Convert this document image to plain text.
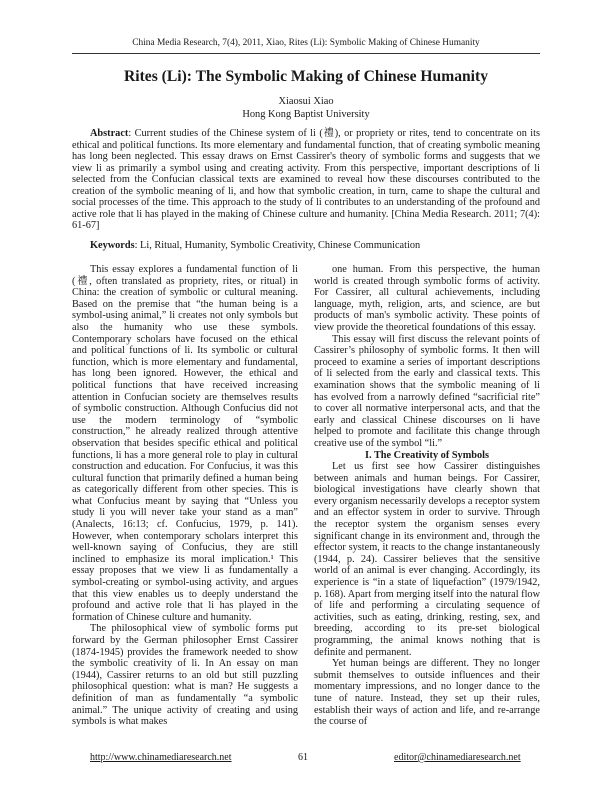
China Media Research, 7(4), 2011, Xiao, Rites (Li): Symbolic Making of Chinese Humanity
Rites (Li): The Symbolic Making of Chinese Humanity
Xiaosui Xiao
Hong Kong Baptist University
Abstract: Current studies of the Chinese system of li (禮), or propriety or rites, tend to concentrate on its ethical and political functions. Its more elementary and fundamental function, that of creating symbolic meaning has long been neglected. This essay draws on Ernst Cassirer's theory of symbolic forms and suggests that we view li as primarily a symbol using and creating activity. From this perspective, important descriptions of li selected from the Confucian classical texts are examined to reveal how these discourses contributed to the creation of the symbolic meaning of li, and how that symbolic creation, in turn, came to shape the cultural and social processes of the time. This approach to the study of li contributes to an understanding of the profound and active role that li has played in the making of Chinese culture and humanity. [China Media Research. 2011; 7(4): 61-67]
Keywords: Li, Ritual, Humanity, Symbolic Creativity, Chinese Communication

This essay explores a fundamental function of li (禮, often translated as propriety, rites, or ritual) in China: the creation of symbolic or cultural meaning. Based on the premise that “the human being is a symbol-using animal,” li creates not only symbols but also the humanity who use these symbols. Contemporary scholars have focused on the ethical and political functions of li. Its symbolic or cultural function, which is more elementary and fundamental, has long been ignored. However, the ethical and political functions that have received increasing attention in Confucian society are themselves results of symbolic construction. Although Confucius did not use the modern terminology of “symbolic construction,” he already realized through attentive observation that besides specific ethical and political functions, li has a more general role to play in cultural construction and education. For Confucius, it was this cultural function that primarily defined a human being as categorically different from other species. This is what Confucius meant by saying that “Unless you study li you will never take your stand as a man” (Analects, 16:13; cf. Confucius, 1979, p. 141). However, when contemporary scholars interpret this well-known saying of Confucius, they are still inclined to emphasize its moral implication.¹ This essay proposes that we view li as fundamentally a symbol-creating or symbol-using activity, and argues that this view enables us to deeply understand the profound and active role that li has played in the formation of Chinese culture and humanity.

The philosophical view of symbolic forms put forward by the German philosopher Ernst Cassirer (1874-1945) provides the framework needed to show the symbolic creativity of li. In An essay on man (1944), Cassirer returns to an old but still puzzling philosophical question: what is man? He suggests a definition of man as fundamentally “a symbolic animal.” The unique activity of creating and using symbols is what makes

one human. From this perspective, the human world is created through symbolic forms of activity. For Cassirer, all cultural achievements, including language, myth, religion, arts, and science, are but products of man's symbolic activity. These points of view provide the theoretical foundations of this essay.

This essay will first discuss the relevant points of Cassirer’s philosophy of symbolic forms. It then will proceed to examine a series of important descriptions of li selected from the early and classical texts. This examination shows that the symbolic meaning of li has evolved from a narrowly defined “sacrificial rite” to cover all normative interpersonal acts, and that the early and classical Chinese discourses on li have helped to promote and facilitate this change through creative use of the symbol “li.”

I. The Creativity of Symbols

Let us first see how Cassirer distinguishes between animals and human beings. For Cassirer, biological investigations have clearly shown that every organism necessarily develops a receptor system and an effector system in order to survive. Through the receptor system the organism senses every significant change in its environment and, through the effector system, it reacts to the change instantaneously (1944, p. 24). Cassirer believes that the sensitive world of an animal is ever changing. Accordingly, its experience is “in a state of liquefaction” (1979/1942, p. 168). Apart from merging itself into the natural flow of life and performing a circulating sequence of activities, such as eating, drinking, resting, sex, and breeding, according to its pre-set biological programming, the animal knows nothing that is definite and permanent.

Yet human beings are different. They no longer submit themselves to outside influences and their momentary impressions, and no longer dance to the tune of nature. Instead, they set up their rules, establish their ways of action and life, and re-arrange the course of

http://www.chinamediaresearch.net	61	editor@chinamediaresearch.net
